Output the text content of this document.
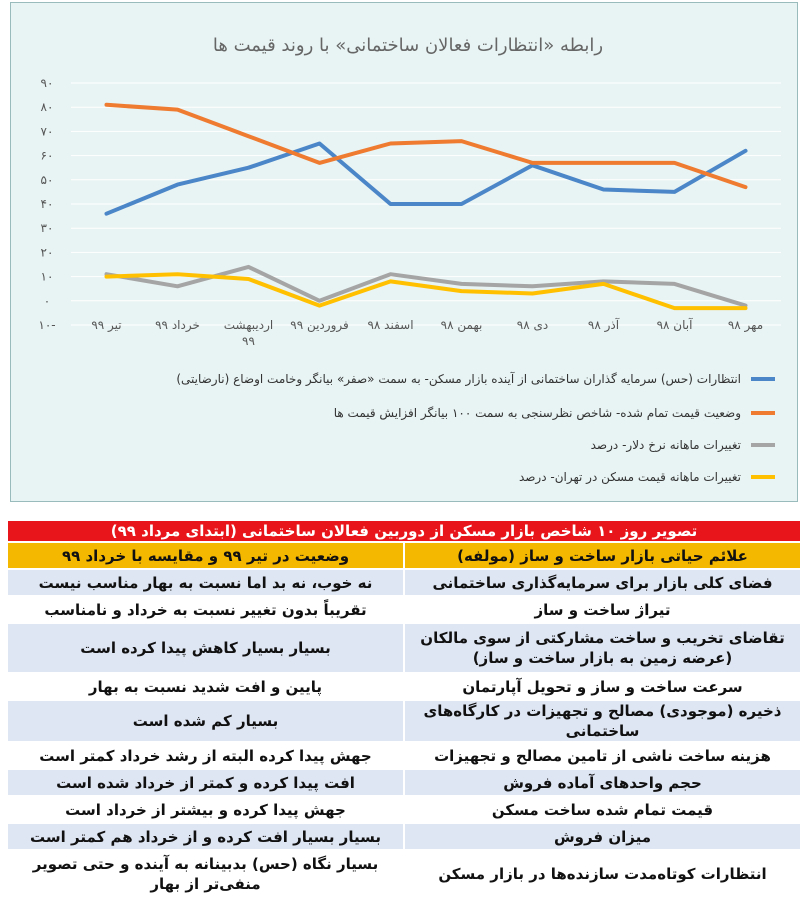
رابطه «انتظارات فعالان ساختمانی» با روند قیمت ها
-۱۰
۰
۱۰
۲۰
۳۰
۴۰
۵۰
۶۰
۷۰
۸۰
۹۰
مهر ۹۸
آبان ۹۸
آذر ۹۸
دی ۹۸
بهمن ۹۸
اسفند ۹۸
فروردین ۹۹
اردیبهشت ۹۹
خرداد ۹۹
تیر ۹۹
انتظارات (حس) سرمایه گذاران ساختمانی از آینده بازار مسکن- به سمت «صفر» بیانگر وخامت اوضاع (نارضایتی)
وضعیت قیمت تمام شده- شاخص نظرسنجی به سمت ۱۰۰ بیانگر افزایش قیمت ها
تغییرات ماهانه نرخ دلار- درصد
تغییرات ماهانه قیمت مسکن در تهران- درصد
تصویر روز ۱۰ شاخص بازار مسکن از دوربین فعالان ساختمانی (ابتدای مرداد ۹۹)	
علائم حیاتی بازار ساخت و ساز (مولفه)	وضعیت در تیر ۹۹ و مقایسه با خرداد ۹۹
فضای کلی بازار برای سرمایه‌گذاری ساختمانی	نه خوب، نه بد اما نسبت به بهار مناسب نیست
تیراژ ساخت و ساز	تقریباً بدون تغییر نسبت به خرداد و نامناسب
تقاضای تخریب و ساخت مشارکتی از سوی مالکان (عرضه زمین به بازار ساخت و ساز)	بسیار بسیار کاهش پیدا کرده است
سرعت ساخت و ساز و تحویل آپارتمان	پایین و افت شدید نسبت به بهار
ذخیره (موجودی) مصالح و تجهیزات در کارگاه‌های ساختمانی	بسیار کم شده است
هزینه ساخت ناشی از تامین مصالح و تجهیزات	جهش پیدا کرده البته از رشد خرداد کمتر است
حجم واحدهای آماده فروش	افت پیدا کرده و کمتر از خرداد شده است
قیمت تمام شده ساخت مسکن	جهش پیدا کرده و بیشتر از خرداد است
میزان فروش	بسیار بسیار افت کرده و از خرداد هم کمتر است
انتظارات کوتاه‌مدت سازنده‌ها در بازار مسکن	بسیار نگاه (حس) بدبینانه به آینده و حتی تصویر منفی‌تر از بهار
